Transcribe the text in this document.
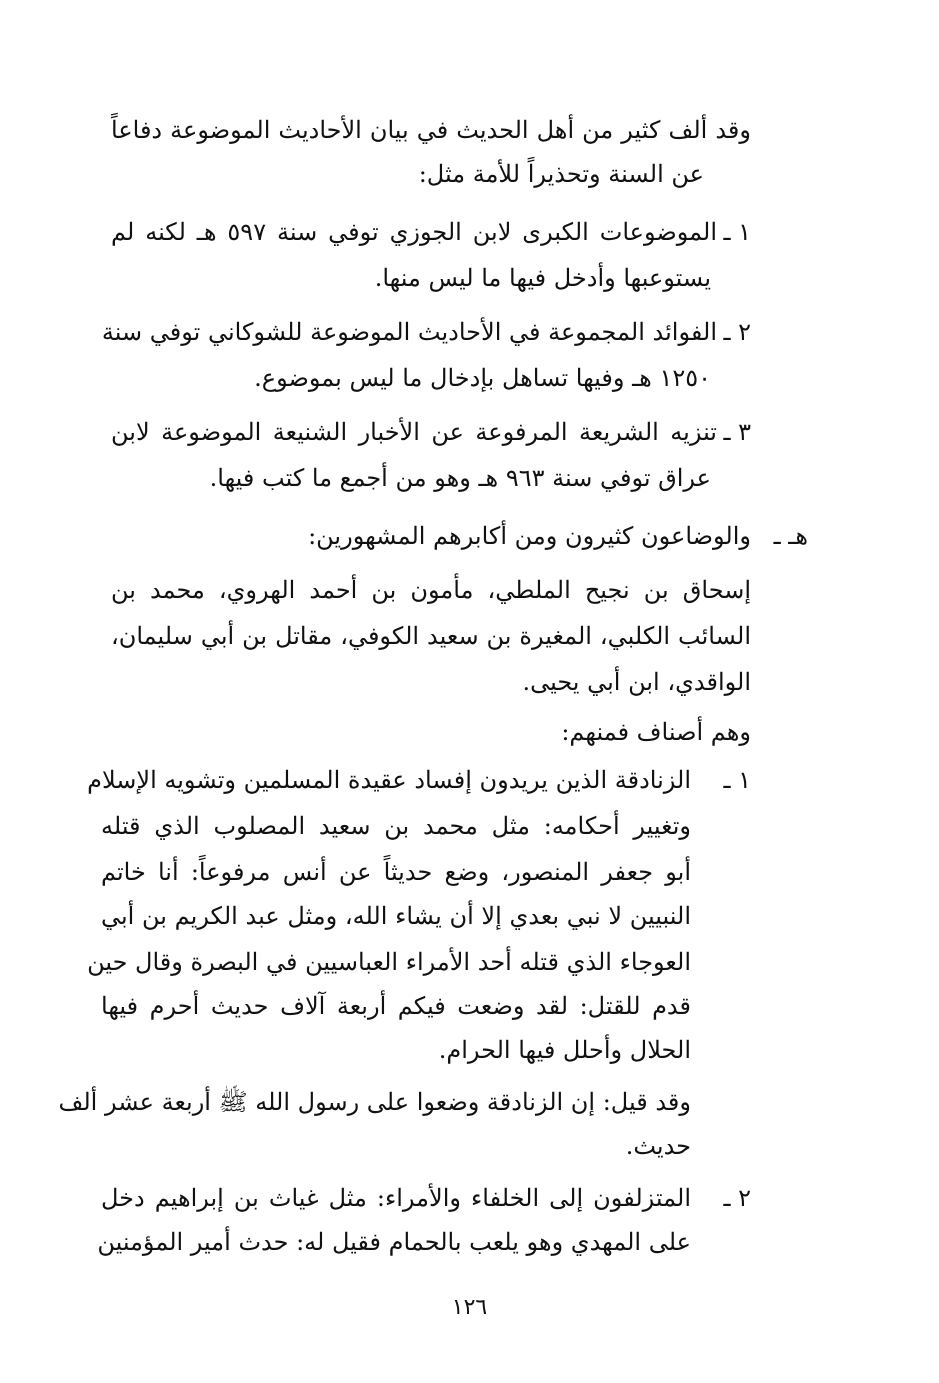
وقد ألف كثير من أهل الحديث في بيان الأحاديث الموضوعة دفاعاً
عن السنة وتحذيراً للأمة مثل:
١ ـ
الموضوعات الكبرى لابن الجوزي توفي سنة ٥٩٧ هـ لكنه لم
يستوعبها وأدخل فيها ما ليس منها.
٢ ـ
الفوائد المجموعة في الأحاديث الموضوعة للشوكاني توفي سنة
١٢٥٠ هـ وفيها تساهل بإدخال ما ليس بموضوع.
٣ ـ
تنزيه الشريعة المرفوعة عن الأخبار الشنيعة الموضوعة لابن
عراق توفي سنة ٩٦٣ هـ وهو من أجمع ما كتب فيها.
هـ ـ
والوضاعون كثيرون ومن أكابرهم المشهورين:
إسحاق بن نجيح الملطي، مأمون بن أحمد الهروي، محمد بن
السائب الكلبي، المغيرة بن سعيد الكوفي، مقاتل بن أبي سليمان،
الواقدي، ابن أبي يحيى.
وهم أصناف فمنهم:
١ ـ
الزنادقة الذين يريدون إفساد عقيدة المسلمين وتشويه الإسلام
وتغيير أحكامه: مثل محمد بن سعيد المصلوب الذي قتله
أبو جعفر المنصور، وضع حديثاً عن أنس مرفوعاً: أنا خاتم
النبيين لا نبي بعدي إلا أن يشاء الله، ومثل عبد الكريم بن أبي
العوجاء الذي قتله أحد الأمراء العباسيين في البصرة وقال حين
قدم للقتل: لقد وضعت فيكم أربعة آلاف حديث أحرم فيها
الحلال وأحلل فيها الحرام.
وقد قيل: إن الزنادقة وضعوا على رسول الله ﷺ أربعة عشر ألف
حديث.
٢ ـ
المتزلفون إلى الخلفاء والأمراء: مثل غياث بن إبراهيم دخل
على المهدي وهو يلعب بالحمام فقيل له: حدث أمير المؤمنين
١٢٦
